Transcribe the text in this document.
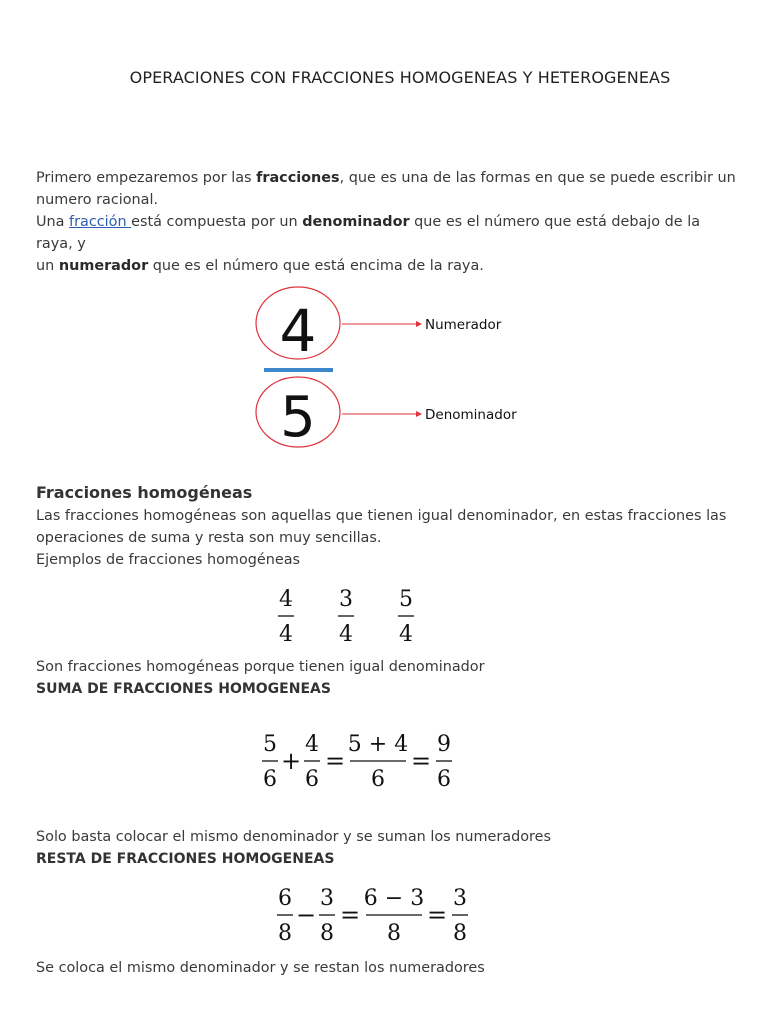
OPERACIONES CON FRACCIONES HOMOGENEAS Y HETEROGENEAS
Primero empezaremos por las fracciones, que es una de las formas en que se puede escribir un
numero racional.
Una fracción está compuesta por un denominador que es el número que está debajo de la raya, y
un numerador que es el número que está encima de la raya.
4
5
Numerador
Denominador
Fracciones homogéneas
Las fracciones homogéneas son aquellas que tienen igual denominador, en estas fracciones las
operaciones de suma y resta son muy sencillas.
Ejemplos de fracciones homogéneas
4
4
3
4
5
4
Son fracciones homogéneas porque tienen igual denominador
SUMA DE FRACCIONES HOMOGENEAS
5
6
+
4
6
=
5 + 4
6
=
9
6
Solo basta colocar el mismo denominador y se suman los numeradores
RESTA DE FRACCIONES HOMOGENEAS
6
8
−
3
8
=
6 − 3
8
=
3
8
Se coloca el mismo denominador y se restan los numeradores
